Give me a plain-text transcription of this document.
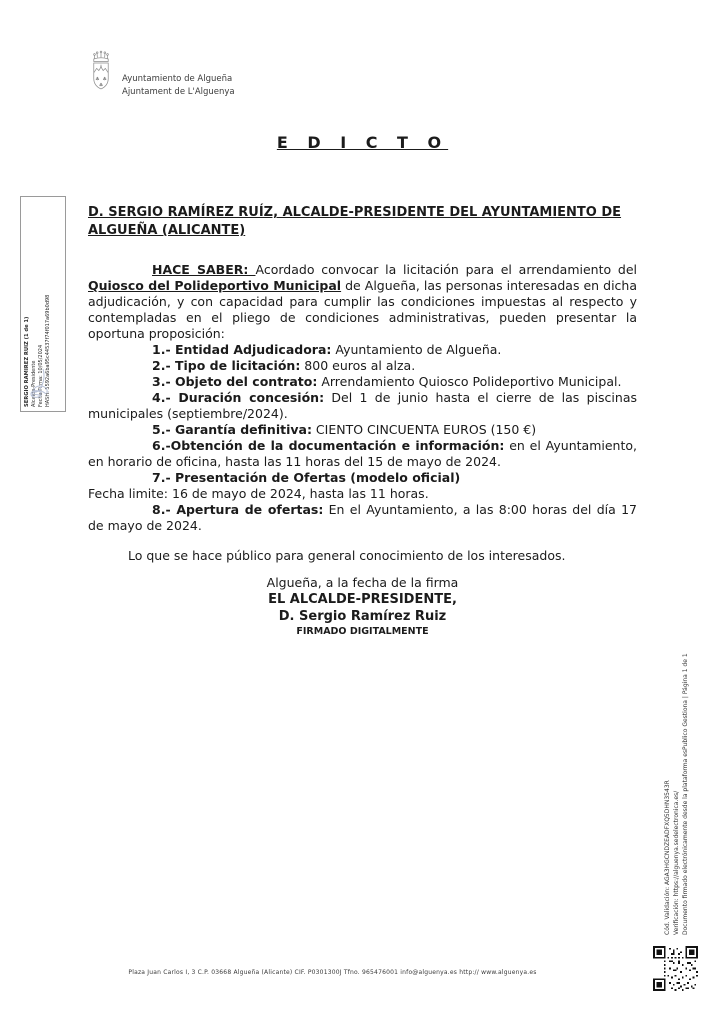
♣ ♣
♣
Ayuntamiento de Algueña
Ajuntament de L'Alguenya
SERGIO RAMIREZ RUIZ (1 de 1) Alcalde-Presidente Fecha Firma: 10/05/2024 HASH: 5592a6ba95c44537f74f017a69b0d98
E D I C T O
D. SERGIO RAMÍREZ RUÍZ, ALCALDE-PRESIDENTE DEL AYUNTAMIENTO DE ALGUEÑA (ALICANTE)

HACE SABER: Acordado convocar la licitación para el arrendamiento del Quiosco del Polideportivo Municipal de Algueña, las personas interesadas en dicha adjudicación, y con capacidad para cumplir las condiciones impuestas al respecto y contempladas en el pliego de condiciones administrativas, pueden presentar la oportuna proposición:

1.- Entidad Adjudicadora: Ayuntamiento de Algueña.

2.- Tipo de licitación: 800 euros al alza.

3.- Objeto del contrato: Arrendamiento Quiosco Polideportivo Municipal.

4.- Duración concesión: Del 1 de junio hasta el cierre de las piscinas municipales (septiembre/2024).

5.- Garantía definitiva: CIENTO CINCUENTA EUROS (150 €)

6.-Obtención de la documentación e información: en el Ayuntamiento, en horario de oficina, hasta las 11 horas del 15 de mayo de 2024.

7.- Presentación de Ofertas (modelo oficial)

Fecha limite: 16 de mayo de 2024, hasta las 11 horas.

8.- Apertura de ofertas: En el Ayuntamiento, a las 8:00 horas del día 17 de mayo de 2024.

Lo que se hace público para general conocimiento de los interesados.

Algueña, a la fecha de la firma
EL ALCALDE-PRESIDENTE,
D. Sergio Ramírez Ruiz
FIRMADO DIGITALMENTE
Cód. Validación: AGA3HGCNDZEADFXQ5DHN3543R Verificación: https://alguenya.sedelectronica.es/ Documento firmado electrónicamente desde la plataforma esPublico Gestiona | Página 1 de 1
Plaza Juan Carlos I, 3 C.P. 03668 Algueña (Alicante) CIF. P0301300J Tfno. 965476001 info@alguenya.es http:// www.alguenya.es
